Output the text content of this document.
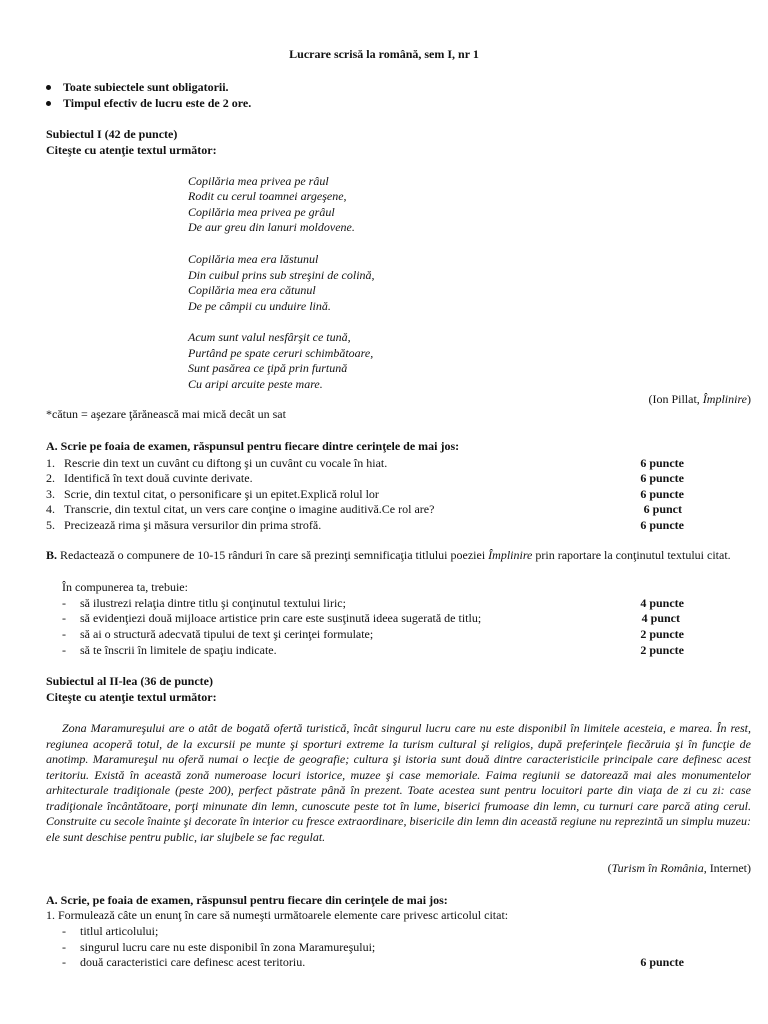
Lucrare scrisă la română, sem I, nr 1
Toate subiectele sunt obligatorii.
Timpul efectiv de lucru este de 2 ore.
Subiectul I (42 de puncte)
Citeşte cu atenţie textul următor:
Copilăria mea privea pe râul
Rodit cu cerul toamnei argeşene,
Copilăria mea privea pe grâul
De aur greu din lanuri moldovene.
Copilăria mea era lăstunul
Din cuibul prins sub streşini de colină,
Copilăria mea era cătunul
De pe câmpii cu unduire lină.
Acum sunt valul nesfârşit ce tună,
Purtând pe spate ceruri schimbătoare,
Sunt pasărea ce ţipă prin furtună
Cu aripi arcuite peste mare.
(Ion Pillat, Împlinire)
*cătun = aşezare ţărănească mai mică decât un sat
A. Scrie pe foaia de examen, răspunsul pentru fiecare dintre cerinţele de mai jos:
1. Rescrie din text un cuvânt cu diftong şi un cuvânt cu vocale în hiat.	6 puncte
2. Identifică în text două cuvinte derivate.	6 puncte
3. Scrie, din textul citat, o personificare şi un epitet.Explică rolul lor	6 puncte
4. Transcrie, din textul citat, un vers care conţine o imagine auditivă.Ce rol are?	6 punct
5. Precizează rima şi măsura versurilor din prima strofă.	6 puncte
B. Redactează o compunere de 10-15 rânduri în care să prezinţi semnificaţia titlului poeziei Împlinire prin raportare la conţinutul textului citat.
În compunerea ta, trebuie:
- să ilustrezi relaţia dintre titlu şi conţinutul textului liric;	4 puncte
- să evidenţiezi două mijloace artistice prin care este susţinută ideea sugerată de titlu;	4 punct
- să ai o structură adecvată tipului de text şi cerinţei formulate;	2 puncte
- să te înscrii în limitele de spaţiu indicate.	2 puncte
Subiectul al II-lea (36 de puncte)
Citeşte cu atenţie textul următor:
Zona Maramureşului are o atât de bogată ofertă turistică, încât singurul lucru care nu este disponibil în limitele acesteia, e marea. În rest, regiunea acoperă totul, de la excursii pe munte şi sporturi extreme la turism cultural şi religios, după preferinţele fiecăruia şi în funcţie de anotimp. Maramureşul nu oferă numai o lecţie de geografie; cultura şi istoria sunt două dintre caracteristicile principale care definesc acest teritoriu. Există în această zonă numeroase locuri istorice, muzee şi case memoriale. Faima regiunii se datorează mai ales monumentelor arhitecturale tradiţionale (peste 200), perfect păstrate până în prezent. Toate acestea sunt pentru locuitori parte din viaţa de zi cu zi: case tradiţionale încântătoare, porţi minunate din lemn, cunoscute peste tot în lume, biserici frumoase din lemn, cu turnuri care parcă ating cerul. Construite cu secole înainte şi decorate în interior cu fresce extraordinare, bisericile din lemn din această regiune nu reprezintă un simplu muzeu: ele sunt deschise pentru public, iar slujbele se fac regulat.
(Turism în România, Internet)
A. Scrie, pe foaia de examen, răspunsul pentru fiecare din cerinţele de mai jos:
1. Formulează câte un enunţ în care să numeşti următoarele elemente care privesc articolul citat:
- titlul articolului;
- singurul lucru care nu este disponibil în zona Maramureşului;
- două caracteristici care definesc acest teritoriu.	6 puncte
